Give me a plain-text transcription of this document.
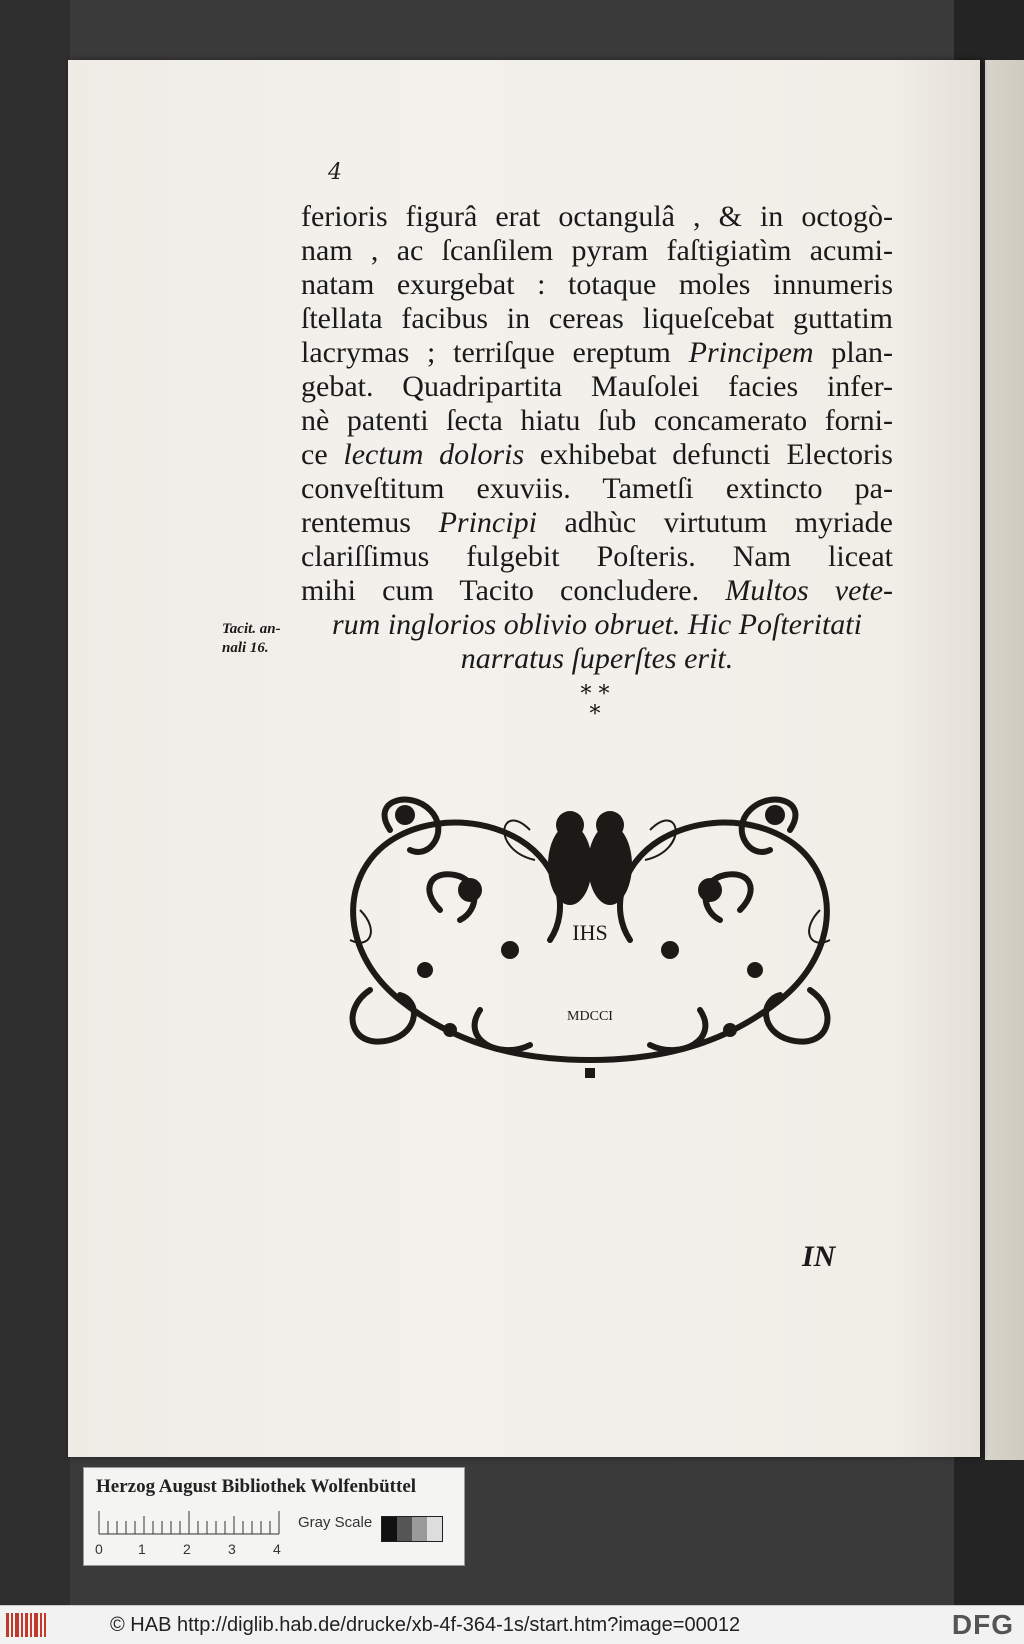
4
ferioris figurâ erat octangulâ , & in octogò-
nam , ac ſcanſilem pyram faſtigiatìm acumi-
natam exurgebat : totaque moles innumeris
ſtellata facibus in cereas liqueſcebat guttatim
lacrymas ; terriſque ereptum Principem plan-
gebat. Quadripartita Mauſolei facies infer-
nè patenti ſecta hiatu ſub concamerato forni-
ce lectum doloris exhibebat defuncti Electoris
conveſtitum exuviis. Tametſi extincto pa-
rentemus Principi adhùc virtutum myriade
clariſſimus fulgebit Poſteris. Nam liceat
mihi cum Tacito concludere. Multos vete-
rum inglorios oblivio obruet. Hic Poſteritati
narratus ſuperſtes erit.
Tacit. an-
nali 16.
* * *
IHS
MDCCI
IN
Herzog August Bibliothek Wolfenbüttel
0	1	2	3	4
Gray Scale
© HAB http://diglib.hab.de/drucke/xb-4f-364-1s/start.htm?image=00012	DFG
